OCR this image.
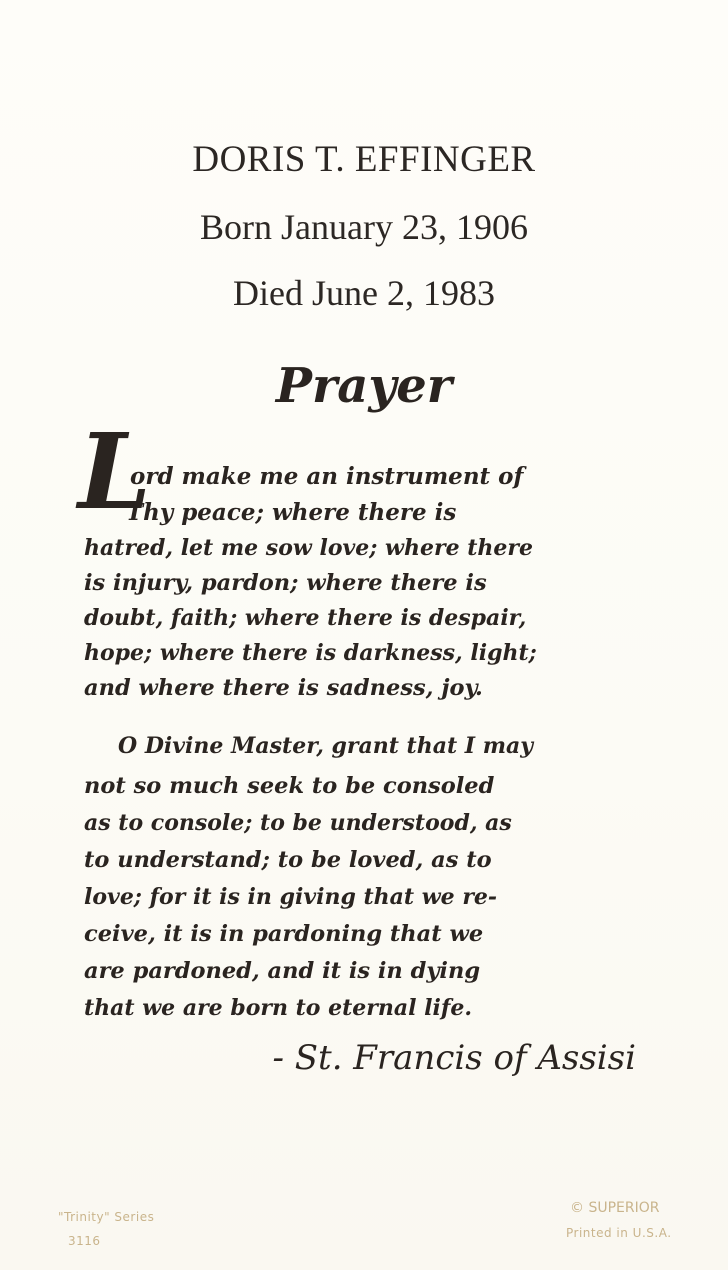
DORIS T. EFFINGER
Born January 23, 1906
Died June 2, 1983
Prayer
L
ord make me an instrument of
Thy peace; where there is
hatred, let me sow love; where there
is injury, pardon; where there is
doubt, faith; where there is despair,
hope; where there is darkness, light;
and where there is sadness, joy.
O Divine Master, grant that I may
not so much seek to be consoled
as to console; to be understood, as
to understand; to be loved, as to
love; for it is in giving that we re-
ceive, it is in pardoning that we
are pardoned, and it is in dying
that we are born to eternal life.
- St. Francis of Assisi
"Trinity" Series
3116
© SUPERIOR
Printed in U.S.A.
